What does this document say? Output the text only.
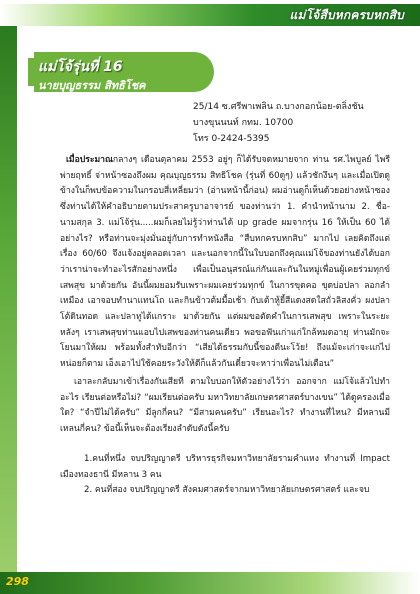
แม่โจ้สืบหกครบหกสิบ
แม่โจ้รุ่นที่ 16
นายบุญธรรม สิทธิโชค
25/14 ซ.ศรีพาเพลิน ถ.บางกอกน้อย-ตลิ่งชัน
บางขุนนนท์ กทม. 10700
โทร 0-2424-5395
เมื่อประมาณกลางๆ เดือนตุลาคม 2553 อยู่ๆ ก็ได้รับจดหมายจาก ท่าน รศ.ไพบูลย์ ไพรีพ่ายฤทธิ์ จ่าหน้าซองถึงผม คุณบุญธรรม สิทธิโชค (รุ่นที่ 60ดูๆ) แล้วชักงึนๆ และเมื่อเปิดดูข้างในก็พบข้อความในกรอบสี่เหลี่ยมว่า (อ่านหน้านี้ก่อน) ผมอ่านดูก็เห็นด้วยอย่างหน้าซอง ซึ่งท่านได้ให้คำอธิบายตามประสาครูบาอาจารย์ ของท่านว่า 1. คำนำหน้านาม 2. ชื่อ-นามสกุล 3. แม่โจ้รุ่น.....ผมก็เลยไม่รู้ว่าท่านได้ up grade ผมจากรุ่น 16 ให้เป็น 60 ได้อย่างไร? หรือท่านจะมุ่งมั่นอยู่กับการทำหนังสือ “สืบหกครบหกสิบ” มากไป เลยคิดถึงแต่เรื่อง 60/60 จึงแจ้งอยู่ตลอดเวลา และนอกจากนี้ในใบบอกถึงคุณแม่โจ้ของท่านยังได้บอกว่าเราน่าจะทำอะไรสักอย่างหนึ่ง เพื่อเป็นอนุสรณ์แก่กันและกันในหมู่เพื่อนผู้เคยร่วมทุกข์ เสพสุข มาด้วยกัน อันนี้ผมยอมรับเพราะผมเคยร่วมทุกข์ ในการขุดคอ ขุดบ่อปลา ลอกลำเหมือง เอาจอบทำนาแทนโถ และกินข้าวต้มมื้อเช้า กับเต้าหู้ยี้สีแดงสดใสถั่วลิสงคั่ว ผงปลาโต้ดินทอด และปลาทูได้แกราะ มาด้วยกัน แต่ผมขอตัดคำในการเสพสุข เพราะในระยะหลังๆ เราเสพสุขท่านแอบไปเสพของท่านคนเดียว พอขอฟันเก่าแก่ใกล้หมดอายุ ท่านมักจะโยนมาให้ผม พร้อมทั้งสำทับอีกว่า “เสียได้ธรรมกับนี้ของดีนะโว้ย! ถึงแม้จะเก่าจะแก่ไปหน่อยก็ตาม เอ็งเอาไปใช้คอยระวังให้ดีก็แล้วกันเดี๋ยวจะหาว่าเพื่อนไม่เตือน”
เอาละกลับมาเข้าเรื่องกันเสียที ตามใบบอกให้ตัวอย่างไว้ว่า ออกจาก แม่โจ้แล้วไปทำอะไร เรียนต่อหรือไม่? “ผมเรียนต่อครับ มหาวิทยาลัยเกษตรศาสตร์บางเขน” ได้ดูครองเมื่อใด? “จำปีไม่ได้ครับ” มีลูกกี่คน? “มีสามคนครับ” เรียนอะไร? ทำงานที่ไหน? มีหลานมีเหลนกี่คน? ข้อนี้เห็นจะต้องเรียงลำดับดังนี้ครับ
1.คนที่หนึ่ง จบปริญญาตรี บริหารธุรกิจมหาวิทยาลัยรามคำแหง ทำงานที่ Impact เมืองทองธานี มีหลาน 3 คน
2. คนที่สอง จบปริญญาตรี สังคมศาสตร์จากมหาวิทยาลัยเกษตรศาสตร์ และจบ
298
